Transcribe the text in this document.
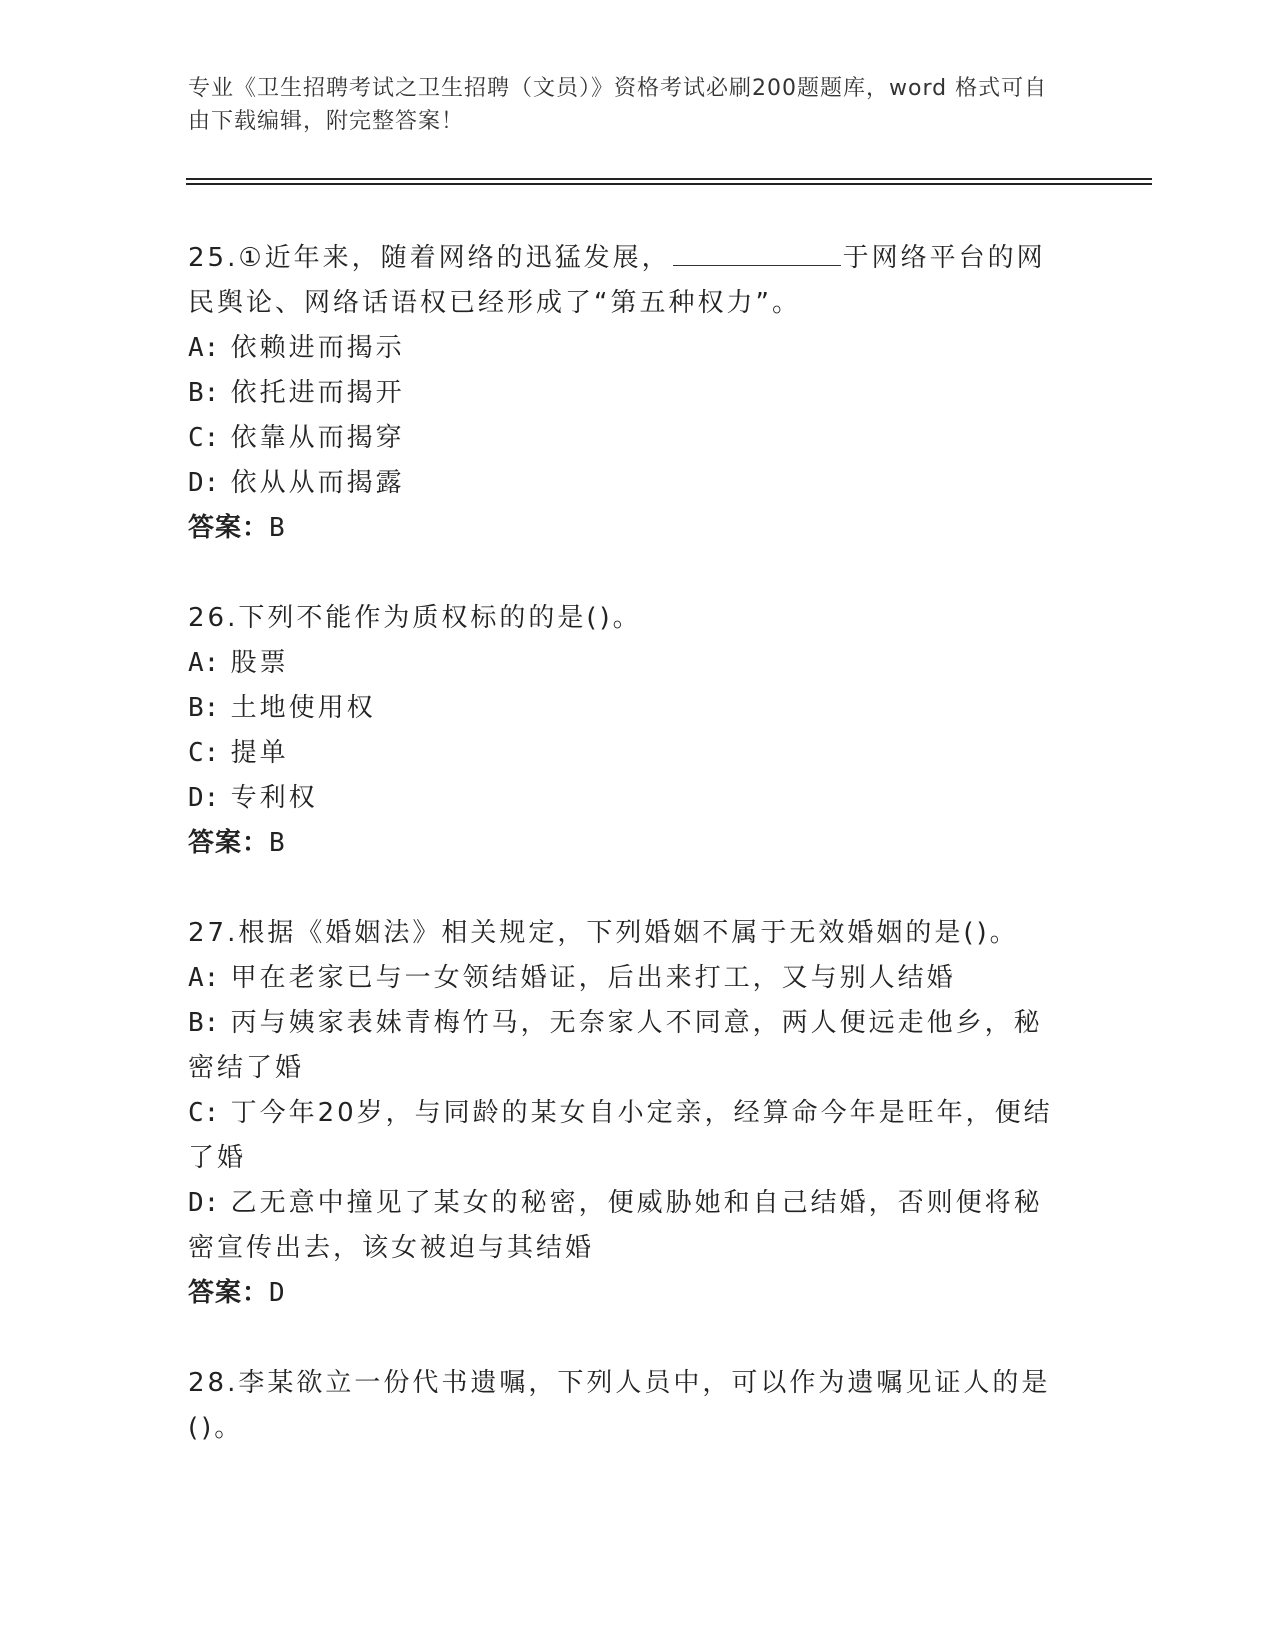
专业《卫生招聘考试之卫生招聘（文员）》资格考试必刷200题题库，word 格式可自由下载编辑，附完整答案！

25.①近年来，随着网络的迅猛发展，	于网络平台的网民舆论、网络话语权已经形成了“第五种权力”。

A: 依赖进而揭示

B: 依托进而揭开

C: 依靠从而揭穿

D: 依从从而揭露

答案：B

26.下列不能作为质权标的的是()。

A: 股票

B: 土地使用权

C: 提单

D: 专利权

答案：B

27.根据《婚姻法》相关规定，下列婚姻不属于无效婚姻的是()。

A: 甲在老家已与一女领结婚证，后出来打工，又与别人结婚

B: 丙与姨家表妹青梅竹马，无奈家人不同意，两人便远走他乡，秘密结了婚

C: 丁今年20岁，与同龄的某女自小定亲，经算命今年是旺年，便结了婚

D: 乙无意中撞见了某女的秘密，便威胁她和自己结婚，否则便将秘密宣传出去，该女被迫与其结婚

答案：D

28.李某欲立一份代书遗嘱，下列人员中，可以作为遗嘱见证人的是()。
